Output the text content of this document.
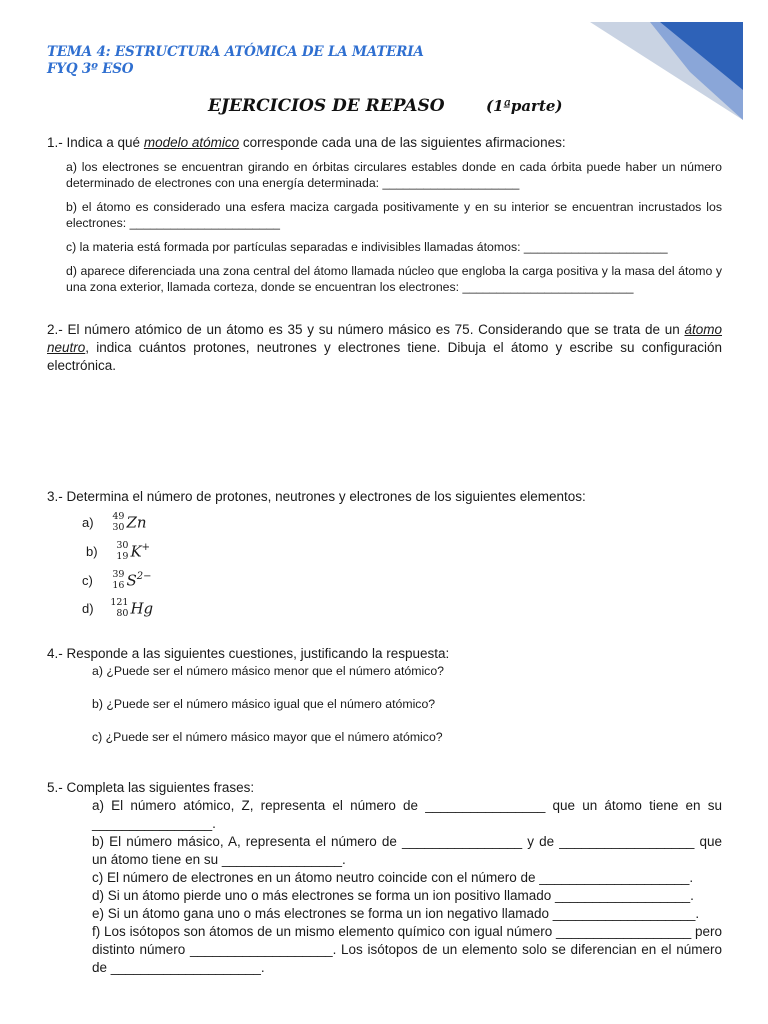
TEMA 4: ESTRUCTURA ATÓMICA DE LA MATERIA
FYQ 3º ESO
EJERCICIOS DE REPASO	(1ªparte)
1.- Indica a qué modelo atómico corresponde cada una de las siguientes afirmaciones:
a) los electrones se encuentran girando en órbitas circulares estables donde en cada órbita puede haber un número determinado de electrones con una energía determinada: ____________________
b) el átomo es considerado una esfera maciza cargada positivamente y en su interior se encuentran incrustados los electrones: ______________________
c) la materia está formada por partículas separadas e indivisibles llamadas átomos: _____________________
d) aparece diferenciada una zona central del átomo llamada núcleo que engloba la carga positiva y la masa del átomo y una zona exterior, llamada corteza, donde se encuentran los electrones: _________________________
2.- El número atómico de un átomo es 35 y su número másico es 75. Considerando que se trata de un átomo neutro, indica cuántos protones, neutrones y electrones tiene. Dibuja el átomo y escribe su configuración electrónica.
3.- Determina el número de protones, neutrones y electrones de los siguientes elementos:
a) 49
30 Zn
b) 30
19 K+
c) 39
16 $S^{2-}$
d) 121
80 Hg
4.- Responde a las siguientes cuestiones, justificando la respuesta:
a) ¿Puede ser el número másico menor que el número atómico?
b) ¿Puede ser el número másico igual que el número atómico?
c) ¿Puede ser el número másico mayor que el número atómico?
5.- Completa las siguientes frases:
a) El número atómico, Z, representa el número de ________________ que un átomo tiene en su ________________.
b) El número másico, A, representa el número de ________________ y de __________________ que un átomo tiene en su ________________.
c) El número de electrones en un átomo neutro coincide con el número de ____________________.
d) Si un átomo pierde uno o más electrones se forma un ion positivo llamado __________________.
e) Si un átomo gana uno o más electrones se forma un ion negativo llamado ___________________.
f) Los isótopos son átomos de un mismo elemento químico con igual número __________________ pero distinto número ___________________. Los isótopos de un elemento solo se diferencian en el número de ____________________.
